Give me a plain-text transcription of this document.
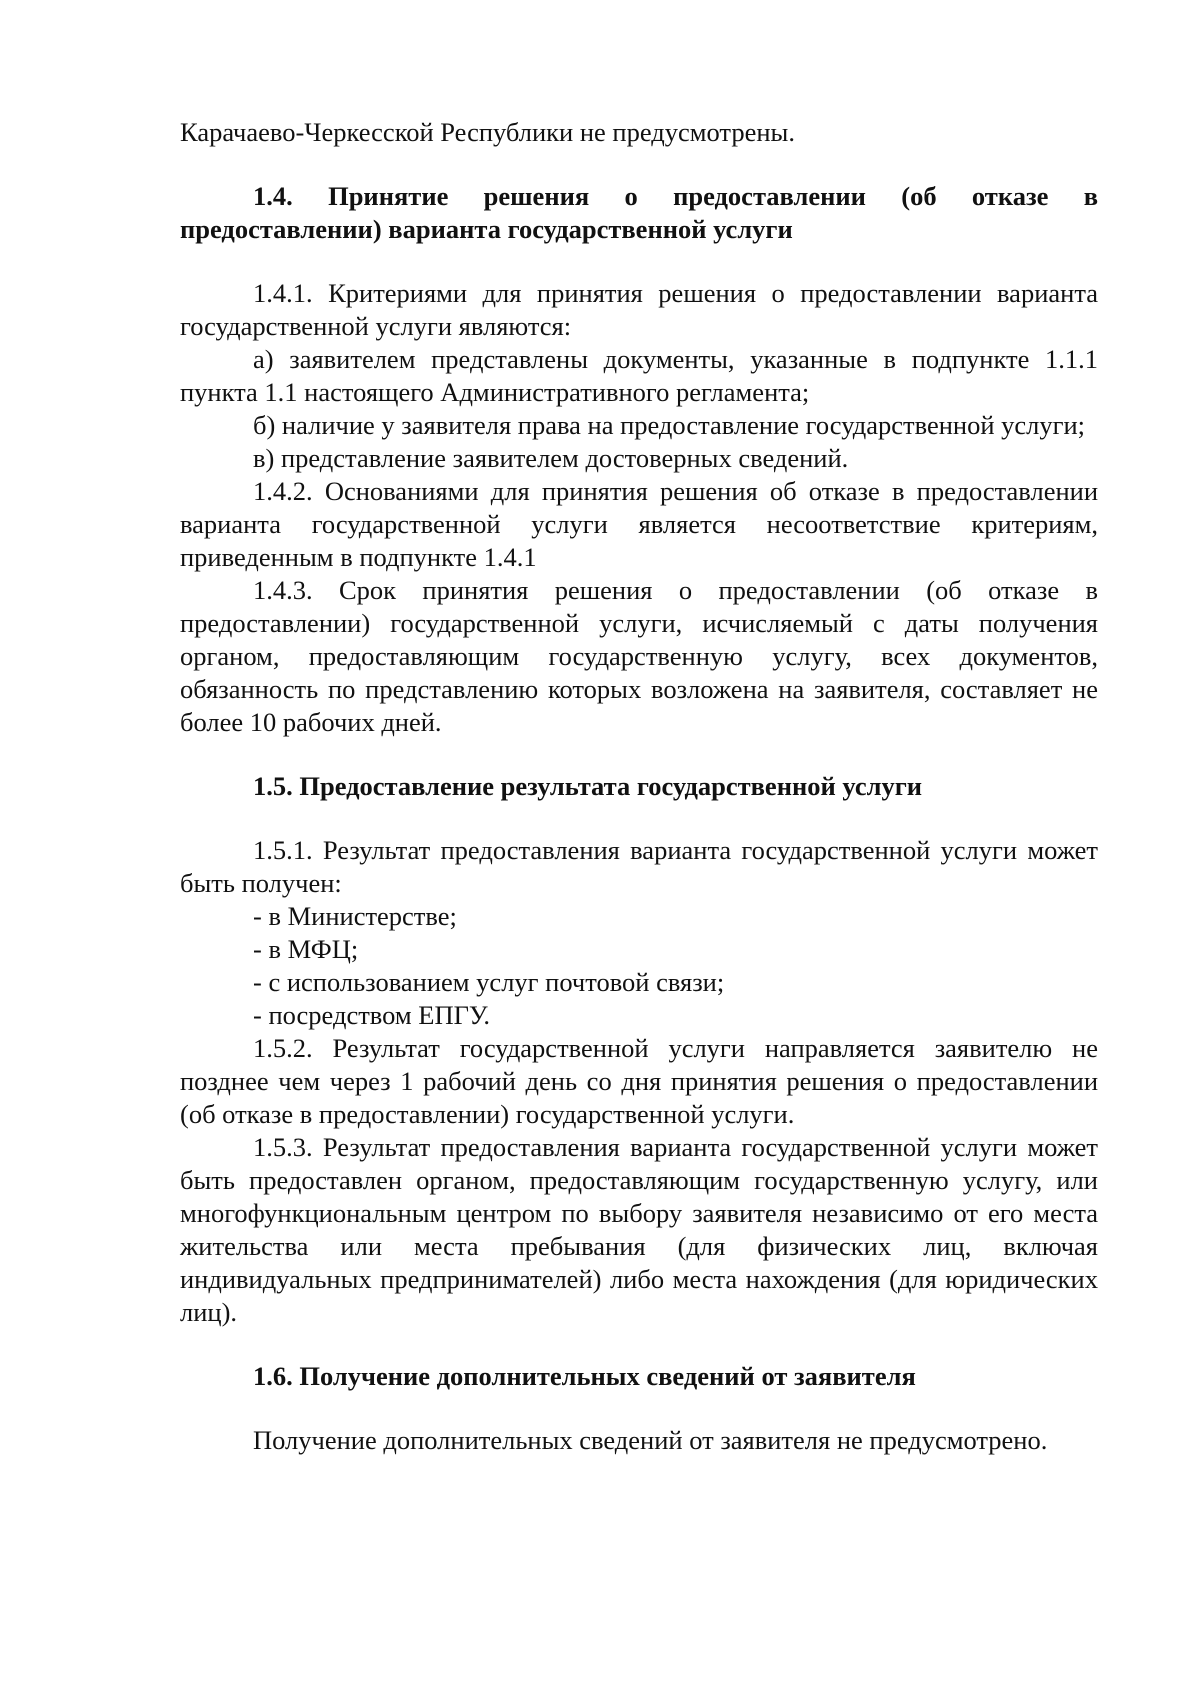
Карачаево-Черкесской Республики не предусмотрены.

1.4. Принятие решения о предоставлении (об отказе в

предоставлении) варианта государственной услуги

1.4.1. Критериями для принятия решения о предоставлении варианта государственной услуги являются:

а) заявителем представлены документы, указанные в подпункте 1.1.1 пункта 1.1 настоящего Административного регламента;

б) наличие у заявителя права на предоставление государственной услуги;

в) представление заявителем достоверных сведений.

1.4.2. Основаниями для принятия решения об отказе в предоставлении варианта государственной услуги является несоответствие критериям, приведенным в подпункте 1.4.1

1.4.3. Срок принятия решения о предоставлении (об отказе в предоставлении) государственной услуги, исчисляемый с даты получения органом, предоставляющим государственную услугу, всех документов, обязанность по представлению которых возложена на заявителя, составляет не более 10 рабочих дней.

1.5. Предоставление результата государственной услуги

1.5.1. Результат предоставления варианта государственной услуги может быть получен:

- в Министерстве;

- в МФЦ;

- с использованием услуг почтовой связи;

- посредством ЕПГУ.

1.5.2. Результат государственной услуги направляется заявителю не позднее чем через 1 рабочий день со дня принятия решения о предоставлении (об отказе в предоставлении) государственной услуги.

1.5.3. Результат предоставления варианта государственной услуги может быть предоставлен органом, предоставляющим государственную услугу, или многофункциональным центром по выбору заявителя независимо от его места жительства или места пребывания (для физических лиц, включая индивидуальных предпринимателей) либо места нахождения (для юридических лиц).

1.6. Получение дополнительных сведений от заявителя

Получение дополнительных сведений от заявителя не предусмотрено.
